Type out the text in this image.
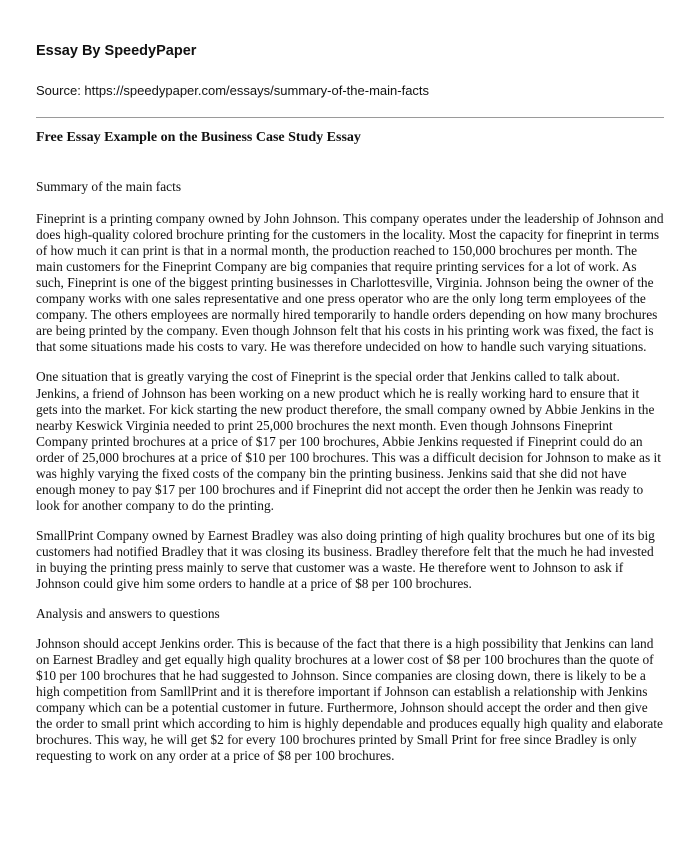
Essay By SpeedyPaper
Source: https://speedypaper.com/essays/summary-of-the-main-facts
Free Essay Example on the Business Case Study Essay

Summary of the main facts

Fineprint is a printing company owned by John Johnson. This company operates under the leadership of Johnson and does high-quality colored brochure printing for the customers in the locality. Most the capacity for fineprint in terms of how much it can print is that in a normal month, the production reached to 150,000 brochures per month. The main customers for the Fineprint Company are big companies that require printing services for a lot of work. As such, Fineprint is one of the biggest printing businesses in Charlottesville, Virginia. Johnson being the owner of the company works with one sales representative and one press operator who are the only long term employees of the company. The others employees are normally hired temporarily to handle orders depending on how many brochures are being printed by the company. Even though Johnson felt that his costs in his printing work was fixed, the fact is that some situations made his costs to vary. He was therefore undecided on how to handle such varying situations.

One situation that is greatly varying the cost of Fineprint is the special order that Jenkins called to talk about. Jenkins, a friend of Johnson has been working on a new product which he is really working hard to ensure that it gets into the market. For kick starting the new product therefore, the small company owned by Abbie Jenkins in the nearby Keswick Virginia needed to print 25,000 brochures the next month. Even though Johnsons Fineprint Company printed brochures at a price of $17 per 100 brochures, Abbie Jenkins requested if Fineprint could do an order of 25,000 brochures at a price of $10 per 100 brochures. This was a difficult decision for Johnson to make as it was highly varying the fixed costs of the company bin the printing business. Jenkins said that she did not have enough money to pay $17 per 100 brochures and if Fineprint did not accept the order then he Jenkin was ready to look for another company to do the printing.

SmallPrint Company owned by Earnest Bradley was also doing printing of high quality brochures but one of its big customers had notified Bradley that it was closing its business. Bradley therefore felt that the much he had invested in buying the printing press mainly to serve that customer was a waste. He therefore went to Johnson to ask if Johnson could give him some orders to handle at a price of $8 per 100 brochures.

Analysis and answers to questions

Johnson should accept Jenkins order. This is because of the fact that there is a high possibility that Jenkins can land on Earnest Bradley and get equally high quality brochures at a lower cost of $8 per 100 brochures than the quote of $10 per 100 brochures that he had suggested to Johnson. Since companies are closing down, there is likely to be a high competition from SamllPrint and it is therefore important if Johnson can establish a relationship with Jenkins company which can be a potential customer in future. Furthermore, Johnson should accept the order and then give the order to small print which according to him is highly dependable and produces equally high quality and elaborate brochures. This way, he will get $2 for every 100 brochures printed by Small Print for free since Bradley is only requesting to work on any order at a price of $8 per 100 brochures.
